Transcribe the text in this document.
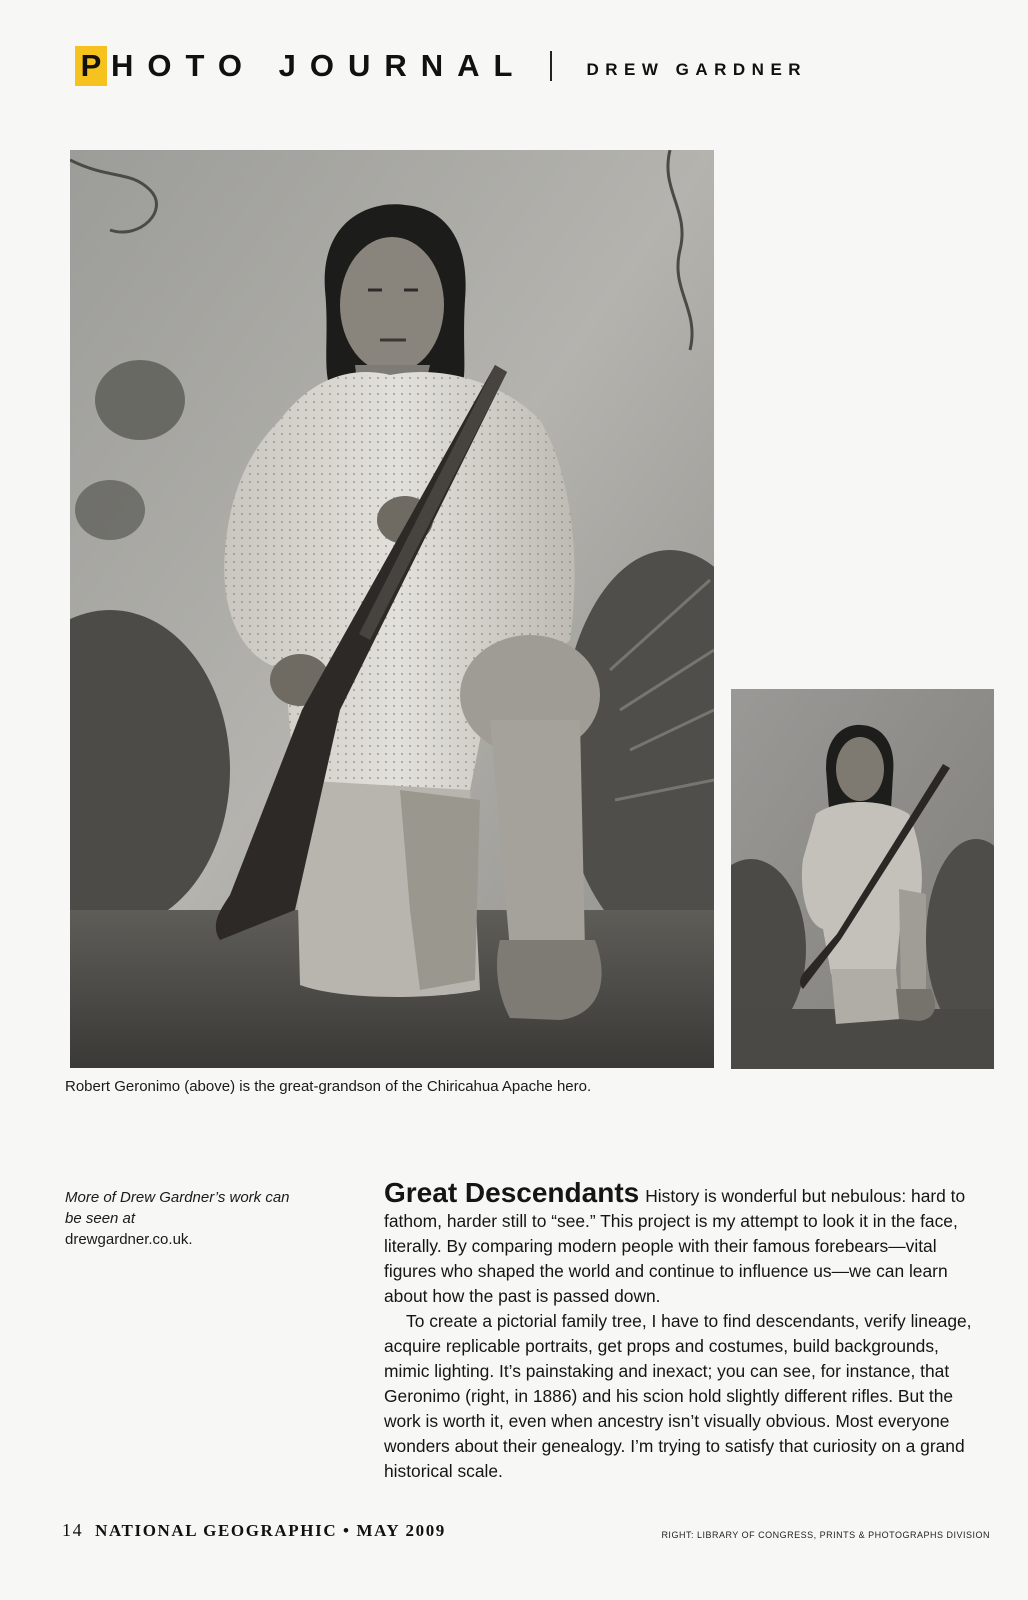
P HOTO JOURNAL	DREW GARDNER
Robert Geronimo (above) is the great-grandson of the Chiricahua Apache hero.
More of Drew Gardner’s work can be seen at
drewgardner.co.uk.

Great Descendants History is wonderful but nebulous: hard to fathom, harder still to “see.” This project is my attempt to look it in the face, literally. By comparing modern people with their famous forebears—vital figures who shaped the world and continue to influence us—we can learn about how the past is passed down.

To create a pictorial family tree, I have to find descendants, verify lineage, acquire replicable portraits, get props and costumes, build backgrounds, mimic lighting. It’s painstaking and inexact; you can see, for instance, that Geronimo (right, in 1886) and his scion hold slightly different rifles. But the work is worth it, even when ancestry isn’t visually obvious. Most everyone wonders about their genealogy. I’m trying to satisfy that curiosity on a grand historical scale.

14 NATIONAL GEOGRAPHIC • MAY 2009	RIGHT: LIBRARY OF CONGRESS, PRINTS & PHOTOGRAPHS DIVISION
